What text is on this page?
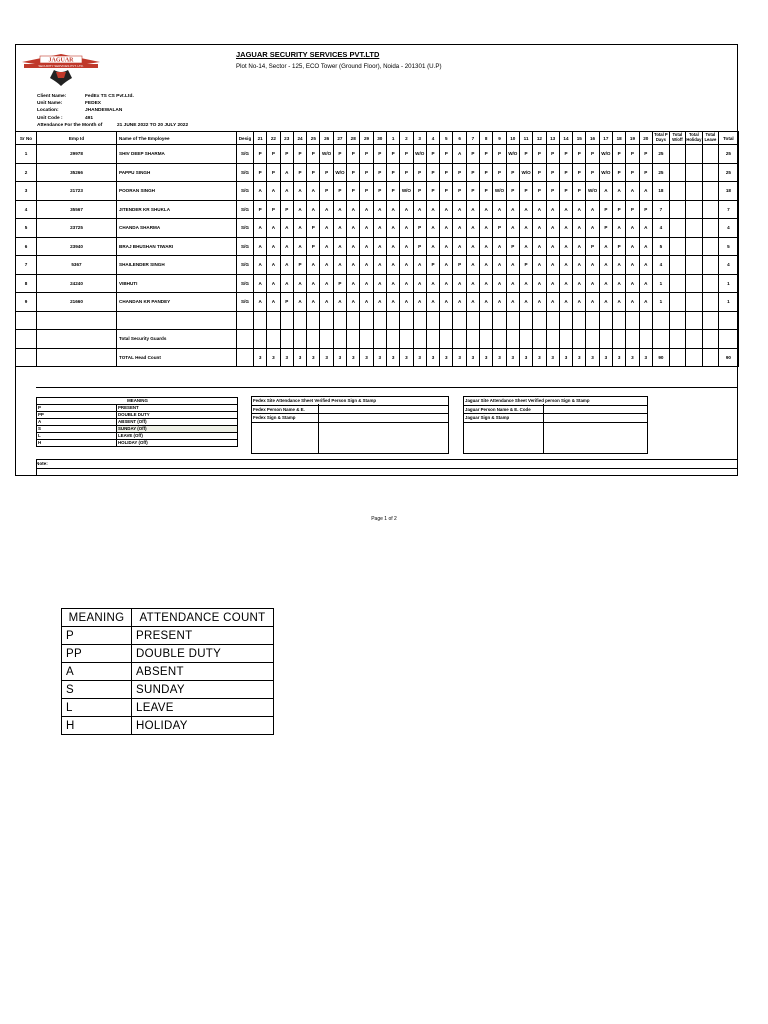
JAGUAR
SECURITY SERVICES PVT. LTD.
JAGUAR SECURITY SERVICES PVT.LTD
Plot No-14, Sector - 125, ECO Tower (Ground Floor), Noida - 201301 (U.P)
Client Name:	FedEx TS CS Pvt.Ltd.
Unit Name:	FEDEX
Location:	JHANDEWALAN
Unit Code :	491
Attendance For the Month of	21 JUNE 2022 TO 20 JULY 2022
Sr No	Emp Id	Name of The Employee	Desig	21	22	23	24	25	26	27	28	29	30	1	2	3	4	5	6	7	8	9	10	11	12	13	14	15	16	17	18	19	20	Total P Days	Total W/off	Total Holiday	Total Leave	Total
1	29978	SHIV DEEP SHARMA	S/G	P	P	P	P	P	W/O	P	P	P	P	P	P	W/O	P	P	A	P	P	P	W/O	P	P	P	P	P	P	W/O	P	P	P	25				25
2	35266	PAPPU SINGH	S/G	P	P	A	P	P	P	W/O	P	P	P	P	P	P	P	P	P	P	P	P	P	W/O	P	P	P	P	P	W/O	P	P	P	25				25
3	21723	POORAN SINGH	S/G	A	A	A	A	A	P	P	P	P	P	P	W/O	P	P	P	P	P	P	W/O	P	P	P	P	P	P	W/O	A	A	A	A	18				18
4	35567	JITENDER KR SHUKLA	S/G	P	P	P	A	A	A	A	A	A	A	A	A	A	A	A	A	A	A	A	A	A	A	A	A	A	A	P	P	P	P	7				7
5	23725	CHANDA SHARMA	S/G	A	A	A	A	P	A	A	A	A	A	A	A	P	A	A	A	A	A	P	A	A	A	A	A	A	A	P	A	A	A	4				4
6	23940	BRAJ BHUSHAN TIWARI	S/G	A	A	A	A	P	A	A	A	A	A	A	A	P	A	A	A	A	A	A	P	A	A	A	A	A	P	A	P	A	A	5				5
7	5367	SHAILENDER SINGH	S/G	A	A	A	P	A	A	A	A	A	A	A	A	A	P	A	P	A	A	A	A	P	A	A	A	A	A	A	A	A	A	4				4
8	24240	VIBHUTI	S/G	A	A	A	A	A	A	P	A	A	A	A	A	A	A	A	A	A	A	A	A	A	A	A	A	A	A	A	A	A	A	1				1
9	21660	CHANDAN KR PANDEY	S/G	A	A	P	A	A	A	A	A	A	A	A	A	A	A	A	A	A	A	A	A	A	A	A	A	A	A	A	A	A	A	1				1

		Total Security Guards																																				
		TOTAL Head Count		3	3	3	3	3	3	3	3	3	3	3	3	3	3	3	3	3	3	3	3	3	3	3	3	3	3	3	3	3	3	90				90
MEANING	
P	PRESENT
PP	DOUBLE DUTY
A	ABSENT (Off)
S	SUNDAY (Off)
L	LEAVE (Off)
H	HOLIDAY (Off)
Fedex Site Attendance Sheet Verified Person Sign & Stamp
Fedex Person Name & E.
Fedex Sign & Stamp
Jaguar Site Attendance Sheet Verified person Sign & Stamp
Jaguar Person Name & E. Code
Jaguar Sign & Stamp
Note:
Page 1 of 2
MEANING	ATTENDANCE COUNT
P	PRESENT
PP	DOUBLE DUTY
A	ABSENT
S	SUNDAY
L	LEAVE
H	HOLIDAY
